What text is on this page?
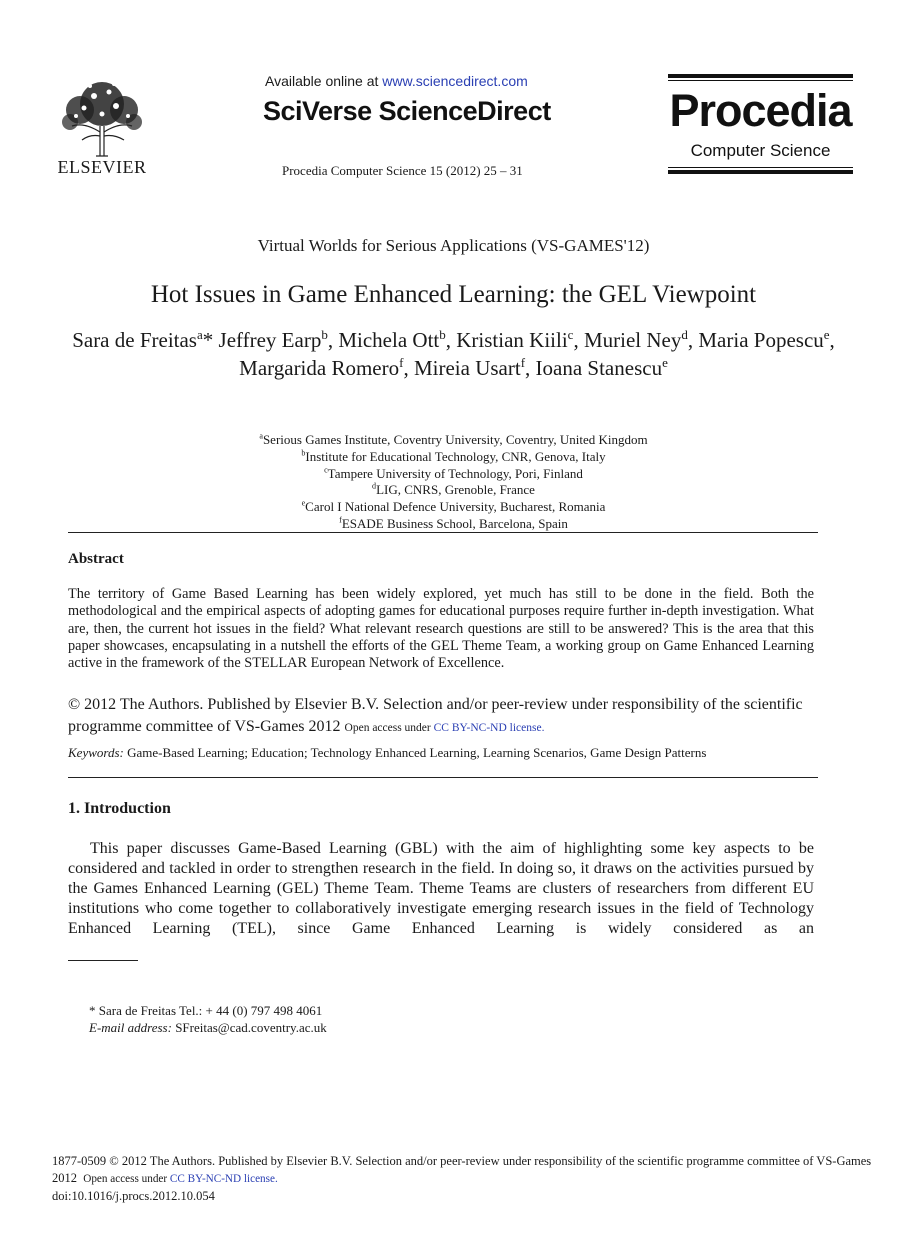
ELSEVIER
Available online at www.sciencedirect.com
SciVerse ScienceDirect
Procedia Computer Science 15 (2012) 25 – 31
Procedia
Computer Science
Virtual Worlds for Serious Applications (VS-GAMES'12)
Hot Issues in Game Enhanced Learning: the GEL Viewpoint
Sara de Freitas$^a$* Jeffrey Earp$^b$, Michela Ott$^b$, Kristian Kiili$^c$, Muriel Ney$^d$, Maria Popescu$^e$, Margarida Romero$^f$, Mireia Usart$^f$, Ioana Stanescu$^e$
$^a$Serious Games Institute, Coventry University, Coventry, United Kingdom
$^b$Institute for Educational Technology, CNR, Genova, Italy
$^c$Tampere University of Technology, Pori, Finland
$^d$LIG, CNRS, Grenoble, France
$^e$Carol I National Defence University, Bucharest, Romania
$^f$ESADE Business School, Barcelona, Spain
Abstract
The territory of Game Based Learning has been widely explored, yet much has still to be done in the field. Both the methodological and the empirical aspects of adopting games for educational purposes require further in-depth investigation. What are, then, the current hot issues in the field? What relevant research questions are still to be answered? This is the area that this paper showcases, encapsulating in a nutshell the efforts of the GEL Theme Team, a working group on Game Enhanced Learning active in the framework of the STELLAR European Network of Excellence.
© 2012 The Authors. Published by Elsevier B.V. Selection and/or peer-review under responsibility of the scientific programme committee of VS-Games 2012 Open access under CC BY-NC-ND license.
Keywords: Game-Based Learning; Education; Technology Enhanced Learning, Learning Scenarios, Game Design Patterns
1. Introduction
This paper discusses Game-Based Learning (GBL) with the aim of highlighting some key aspects to be considered and tackled in order to strengthen research in the field. In doing so, it draws on the activities pursued by the Games Enhanced Learning (GEL) Theme Team. Theme Teams are clusters of researchers from different EU institutions who come together to collaboratively investigate emerging research issues in the field of Technology Enhanced Learning (TEL), since Game Enhanced Learning is widely considered as an
* Sara de Freitas Tel.: + 44 (0) 797 498 4061
E-mail address: SFreitas@cad.coventry.ac.uk
1877-0509 © 2012 The Authors. Published by Elsevier B.V. Selection and/or peer-review under responsibility of the scientific programme committee of VS-Games 2012 Open access under CC BY-NC-ND license.
doi:10.1016/j.procs.2012.10.054
